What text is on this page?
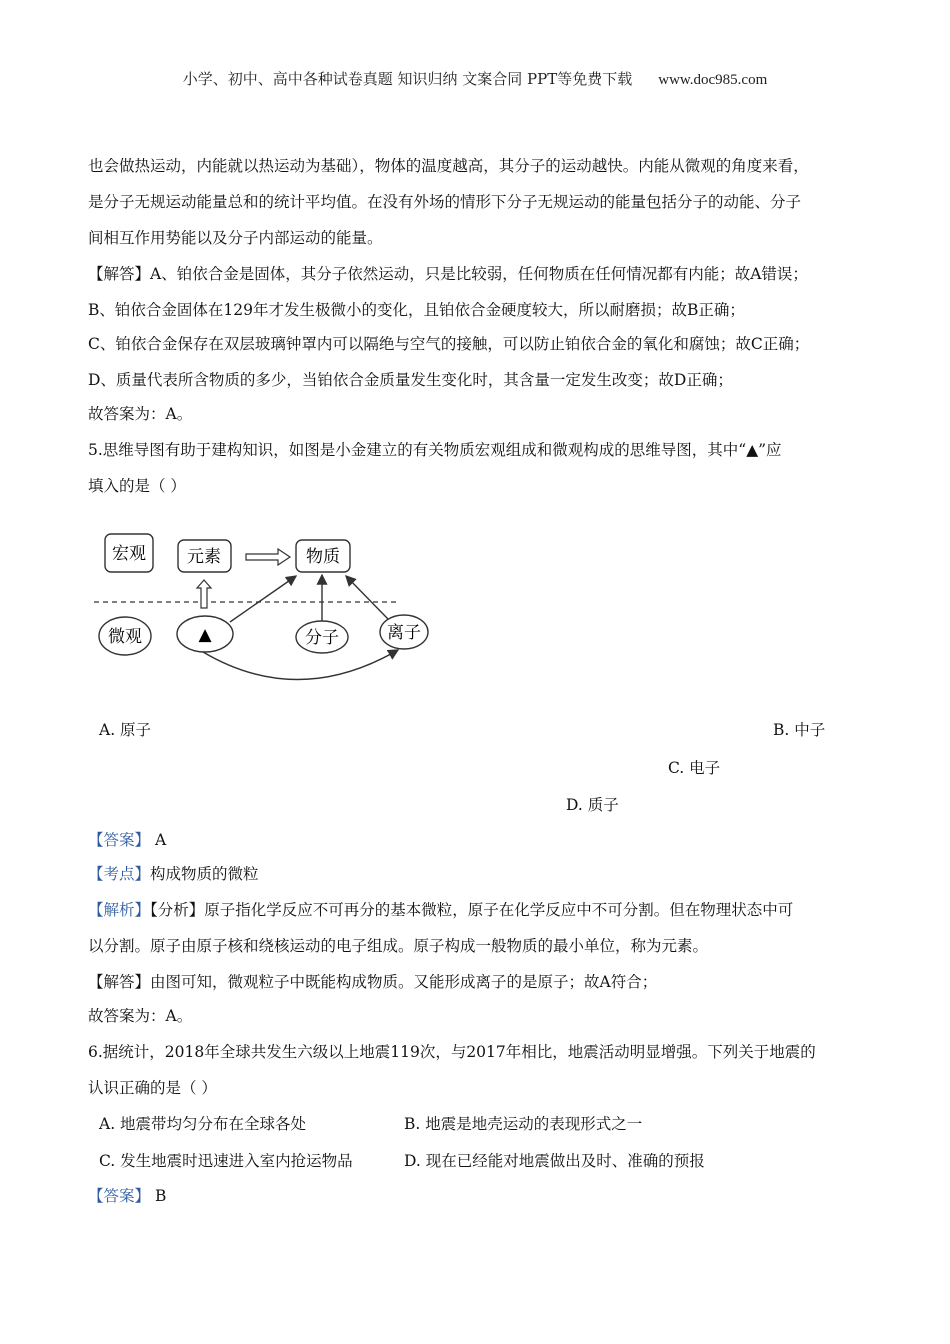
小学、初中、高中各种试卷真题 知识归纳 文案合同 PPT等免费下载 www.doc985.com
也会做热运动，内能就以热运动为基础），物体的温度越高，其分子的运动越快。内能从微观的角度来看，
是分子无规运动能量总和的统计平均值。在没有外场的情形下分子无规运动的能量包括分子的动能、分子
间相互作用势能以及分子内部运动的能量。
【解答】A、铂依合金是固体，其分子依然运动，只是比较弱，任何物质在任何情况都有内能；故A错误；
B、铂依合金固体在129年才发生极微小的变化，且铂依合金硬度较大，所以耐磨损；故B正确；
C、铂依合金保存在双层玻璃钟罩内可以隔绝与空气的接触，可以防止铂依合金的氧化和腐蚀；故C正确；
D、质量代表所含物质的多少，当铂依合金质量发生变化时，其含量一定发生改变；故D正确；
故答案为：A。
5.思维导图有助于建构知识，如图是小金建立的有关物质宏观组成和微观构成的思维导图，其中“▲”应
填入的是（ ）
宏观 元素	物质
微观	▲	分子	离子
A. 原子	B. 中子
C. 电子
D. 质子
【答案】 A
【考点】构成物质的微粒
【解析】【分析】原子指化学反应不可再分的基本微粒，原子在化学反应中不可分割。但在物理状态中可
以分割。原子由原子核和绕核运动的电子组成。原子构成一般物质的最小单位，称为元素。
【解答】由图可知，微观粒子中既能构成物质。又能形成离子的是原子；故A符合；
故答案为：A。
6.据统计，2018年全球共发生六级以上地震119次，与2017年相比，地震活动明显增强。下列关于地震的
认识正确的是（ ）
A. 地震带均匀分布在全球各处	B. 地震是地壳运动的表现形式之一
C. 发生地震时迅速进入室内抢运物品	D. 现在已经能对地震做出及时、准确的预报
【答案】 B
